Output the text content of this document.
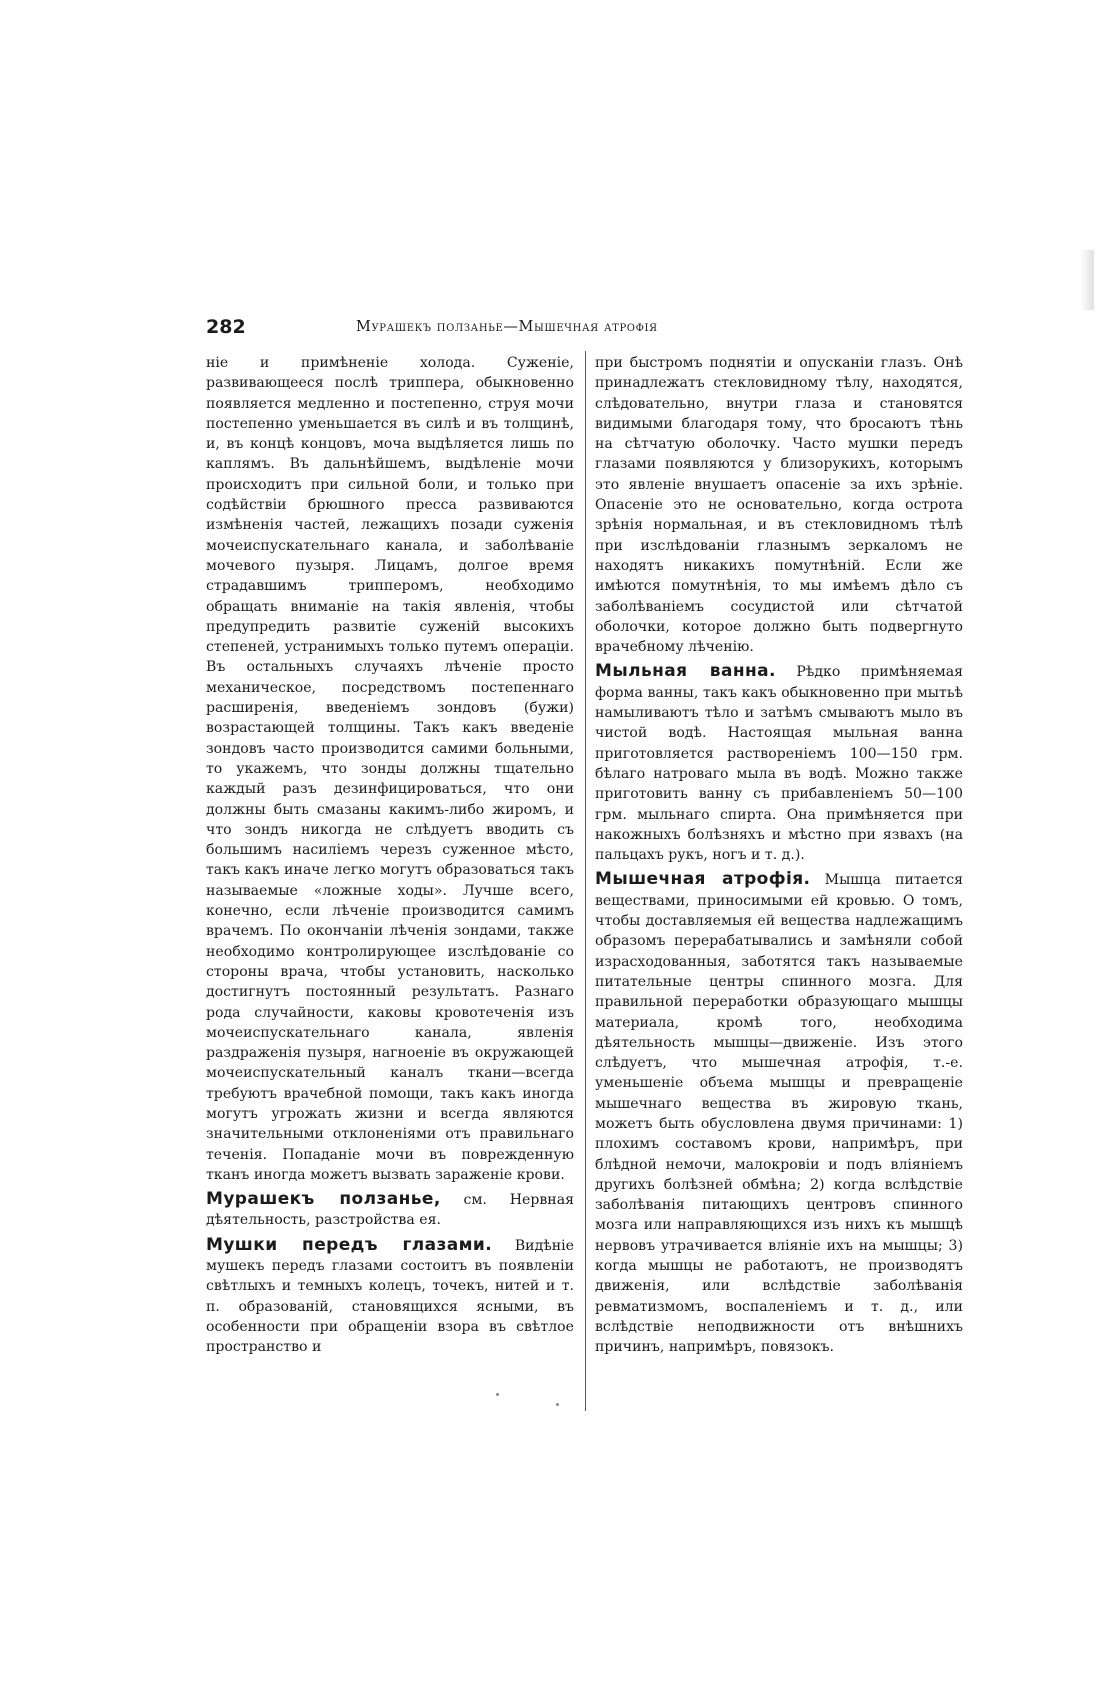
282	Мурашекъ ползанье—Мышечная атрофія

ніе и примѣненіе холода. Суженіе, развивающееся послѣ триппера, обыкновенно появляется медленно и постепенно, струя мочи постепенно уменьшается въ силѣ и въ толщинѣ, и, въ концѣ концовъ, моча выдѣляется лишь по каплямъ. Въ дальнѣйшемъ, выдѣленіе мочи происходитъ при сильной боли, и только при содѣйствіи брюшного пресса развиваются измѣненія частей, лежащихъ позади суженія мочеиспускательнаго канала, и заболѣваніе мочевого пузыря. Лицамъ, долгое время страдавшимъ трипперомъ, необходимо обращать вниманіе на такія явленія, чтобы предупредить развитіе суженій высокихъ степеней, устранимыхъ только путемъ операціи. Въ остальныхъ случаяхъ лѣченіе просто механическое, посредствомъ постепеннаго расширенія, введеніемъ зондовъ (бужи) возрастающей толщины. Такъ какъ введеніе зондовъ часто производится самими больными, то укажемъ, что зонды должны тщательно каждый разъ дезинфицироваться, что они должны быть смазаны какимъ-либо жиромъ, и что зондъ никогда не слѣдуетъ вводить съ большимъ насиліемъ черезъ суженное мѣсто, такъ какъ иначе легко могутъ образоваться такъ называемые «ложные ходы». Лучше всего, конечно, если лѣченіе производится самимъ врачемъ. По окончаніи лѣченія зондами, также необходимо контролирующее изслѣдованіе со стороны врача, чтобы установить, насколько достигнутъ постоянный результатъ. Разнаго рода случайности, каковы кровотеченія изъ мочеиспускательнаго канала, явленія раздраженія пузыря, нагноеніе въ окружающей мочеиспускательный каналъ ткани—всегда требуютъ врачебной помощи, такъ какъ иногда могутъ угрожать жизни и всегда являются значительными отклоненіями отъ правильнаго теченія. Попаданіе мочи въ поврежденную тканъ иногда можетъ вызвать зараженіе крови.

Мурашекъ ползанье, см. Нервная дѣятельность, разстройства ея.

Мушки передъ глазами. Видѣніе мушекъ передъ глазами состоитъ въ появленіи свѣтлыхъ и темныхъ колецъ, точекъ, нитей и т. п. образованій, становящихся ясными, въ особенности при обращеніи взора въ свѣтлое пространство и

при быстромъ поднятіи и опусканіи глазъ. Онѣ принадлежатъ стекловидному тѣлу, находятся, слѣдовательно, внутри глаза и становятся видимыми благодаря тому, что бросаютъ тѣнь на сѣтчатую оболочку. Часто мушки передъ глазами появляются у близорукихъ, которымъ это явленіе внушаетъ опасеніе за ихъ зрѣніе. Опасеніе это не основательно, когда острота зрѣнія нормальная, и въ стекловидномъ тѣлѣ при изслѣдованіи глазнымъ зеркаломъ не находятъ никакихъ помутнѣній. Если же имѣются помутнѣнія, то мы имѣемъ дѣло съ заболѣваніемъ сосудистой или сѣтчатой оболочки, которое должно быть подвергнуто врачебному лѣченію.

Мыльная ванна. Рѣдко примѣняемая форма ванны, такъ какъ обыкновенно при мытьѣ намыливаютъ тѣло и затѣмъ смываютъ мыло въ чистой водѣ. Настоящая мыльная ванна приготовляется раствореніемъ 100—150 грм. бѣлаго натроваго мыла въ водѣ. Можно также приготовить ванну съ прибавленіемъ 50—100 грм. мыльнаго спирта. Она примѣняется при накожныхъ болѣзняхъ и мѣстно при язвахъ (на пальцахъ рукъ, ногъ и т. д.).

Мышечная атрофія. Мышца питается веществами, приносимыми ей кровью. О томъ, чтобы доставляемыя ей вещества надлежащимъ образомъ перерабатывались и замѣняли собой израсходованныя, заботятся такъ называемые питательные центры спинного мозга. Для правильной переработки образующаго мышцы материала, кромѣ того, необходима дѣятельность мышцы—движеніе. Изъ этого слѣдуетъ, что мышечная атрофія, т.-е. уменьшеніе объема мышцы и превращеніе мышечнаго вещества въ жировую ткань, можетъ быть обусловлена двумя причинами: 1) плохимъ составомъ крови, напримѣръ, при блѣдной немочи, малокровіи и подъ вліяніемъ другихъ болѣзней обмѣна; 2) когда вслѣдствіе заболѣванія питающихъ центровъ спинного мозга или направляющихся изъ нихъ къ мышцѣ нервовъ утрачивается вліяніе ихъ на мышцы; 3) когда мышцы не работаютъ, не производятъ движенія, или вслѣдствіе заболѣванія ревматизмомъ, воспаленіемъ и т. д., или вслѣдствіе неподвижности отъ внѣшнихъ причинъ, напримѣръ, повязокъ.
